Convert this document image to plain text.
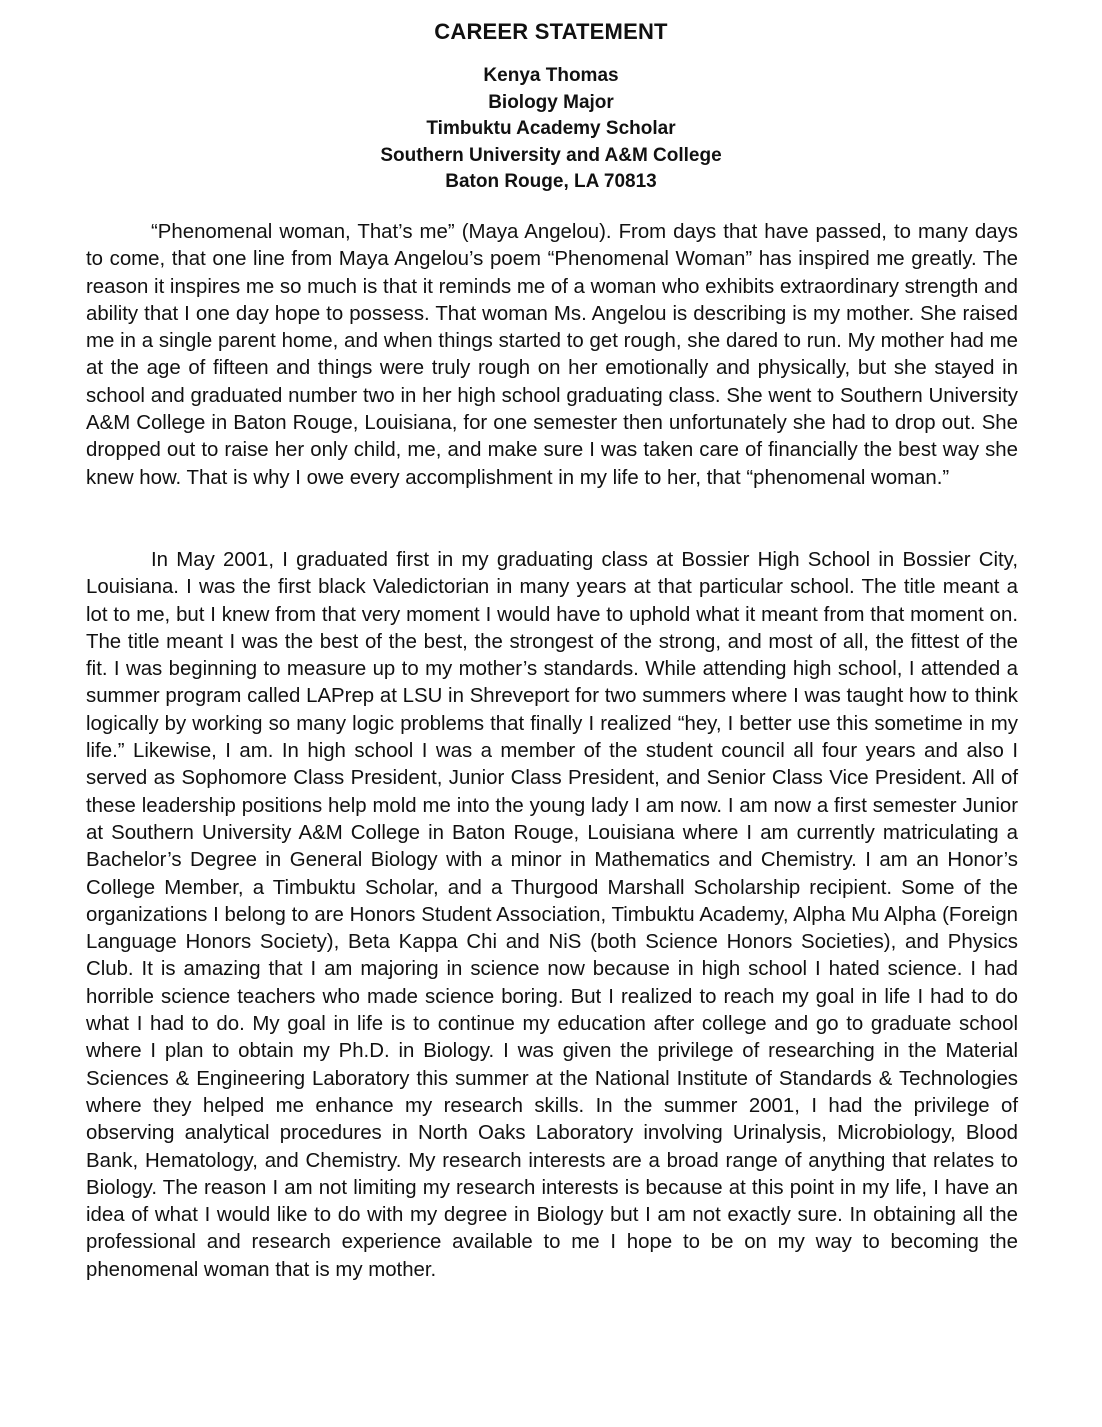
CAREER STATEMENT
Kenya Thomas
Biology Major
Timbuktu Academy Scholar
Southern University and A&M College
Baton Rouge, LA 70813

“Phenomenal woman, That’s me” (Maya Angelou). From days that have passed, to many days to come, that one line from Maya Angelou’s poem “Phenomenal Woman” has inspired me greatly. The reason it inspires me so much is that it reminds me of a woman who exhibits extraordinary strength and ability that I one day hope to possess. That woman Ms. Angelou is describing is my mother. She raised me in a single parent home, and when things started to get rough, she dared to run. My mother had me at the age of fifteen and things were truly rough on her emotionally and physically, but she stayed in school and graduated number two in her high school graduating class. She went to Southern University A&M College in Baton Rouge, Louisiana, for one semester then unfortunately she had to drop out. She dropped out to raise her only child, me, and make sure I was taken care of financially the best way she knew how. That is why I owe every accomplishment in my life to her, that “phenomenal woman.”

In May 2001, I graduated first in my graduating class at Bossier High School in Bossier City, Louisiana. I was the first black Valedictorian in many years at that particular school. The title meant a lot to me, but I knew from that very moment I would have to uphold what it meant from that moment on. The title meant I was the best of the best, the strongest of the strong, and most of all, the fittest of the fit. I was beginning to measure up to my mother’s standards. While attending high school, I attended a summer program called LAPrep at LSU in Shreveport for two summers where I was taught how to think logically by working so many logic problems that finally I realized “hey, I better use this sometime in my life.” Likewise, I am. In high school I was a member of the student council all four years and also I served as Sophomore Class President, Junior Class President, and Senior Class Vice President. All of these leadership positions help mold me into the young lady I am now. I am now a first semester Junior at Southern University A&M College in Baton Rouge, Louisiana where I am currently matriculating a Bachelor’s Degree in General Biology with a minor in Mathematics and Chemistry. I am an Honor’s College Member, a Timbuktu Scholar, and a Thurgood Marshall Scholarship recipient. Some of the organizations I belong to are Honors Student Association, Timbuktu Academy, Alpha Mu Alpha (Foreign Language Honors Society), Beta Kappa Chi and NiS (both Science Honors Societies), and Physics Club. It is amazing that I am majoring in science now because in high school I hated science. I had horrible science teachers who made science boring. But I realized to reach my goal in life I had to do what I had to do. My goal in life is to continue my education after college and go to graduate school where I plan to obtain my Ph.D. in Biology. I was given the privilege of researching in the Material Sciences & Engineering Laboratory this summer at the National Institute of Standards & Technologies where they helped me enhance my research skills. In the summer 2001, I had the privilege of observing analytical procedures in North Oaks Laboratory involving Urinalysis, Microbiology, Blood Bank, Hematology, and Chemistry. My research interests are a broad range of anything that relates to Biology. The reason I am not limiting my research interests is because at this point in my life, I have an idea of what I would like to do with my degree in Biology but I am not exactly sure. In obtaining all the professional and research experience available to me I hope to be on my way to becoming the phenomenal woman that is my mother.
